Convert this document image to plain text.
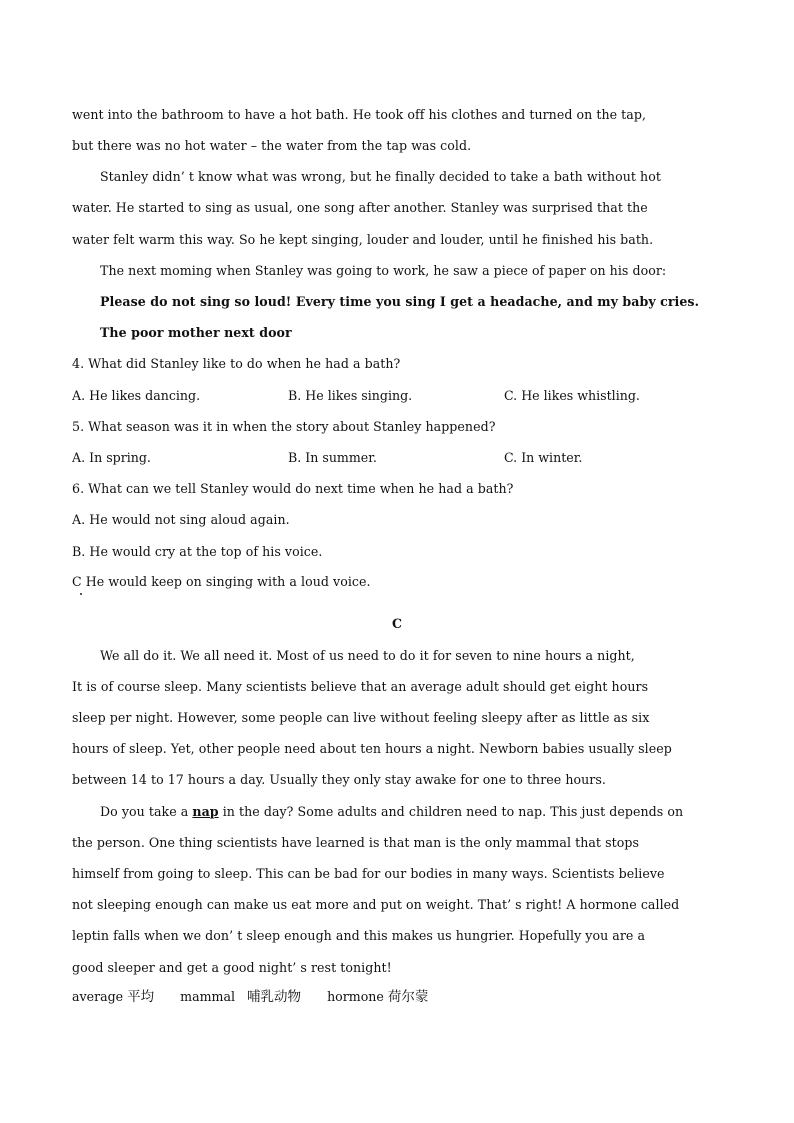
went into the bathroom to have a hot bath. He took off his clothes and turned on the tap,
but there was no hot water – the water from the tap was cold.
Stanley didn’ t know what was wrong, but he finally decided to take a bath without hot
water. He started to sing as usual, one song after another. Stanley was surprised that the
water felt warm this way. So he kept singing, louder and louder, until he finished his bath.
The next moming when Stanley was going to work, he saw a piece of paper on his door:
Please do not sing so loud! Every time you sing I get a headache, and my baby cries.
The poor mother next door
4. What did Stanley like to do when he had a bath?
A. He likes dancing.	B. He likes singing.	C. He likes whistling.
5. What season was it in when the story about Stanley happened?
A. In spring.	B. In summer.	C. In winter.
6. What can we tell Stanley would do next time when he had a bath?
A. He would not sing aloud again.
B. He would cry at the top of his voice.
C He would keep on singing with a loud voice.
C
We all do it. We all need it. Most of us need to do it for seven to nine hours a night,
It is of course sleep. Many scientists believe that an average adult should get eight hours
sleep per night. However, some people can live without feeling sleepy after as little as six
hours of sleep. Yet, other people need about ten hours a night. Newborn babies usually sleep
between 14 to 17 hours a day. Usually they only stay awake for one to three hours.
Do you take a nap in the day? Some adults and children need to nap. This just depends on
the person. One thing scientists have learned is that man is the only mammal that stops
himself from going to sleep. This can be bad for our bodies in many ways. Scientists believe
not sleeping enough can make us eat more and put on weight. That’ s right! A hormone called
leptin falls when we don’ t sleep enough and this makes us hungrier. Hopefully you are a
good sleeper and get a good night’ s rest tonight!
average 平均 mammal 哺乳动物 hormone 荷尔蒙
